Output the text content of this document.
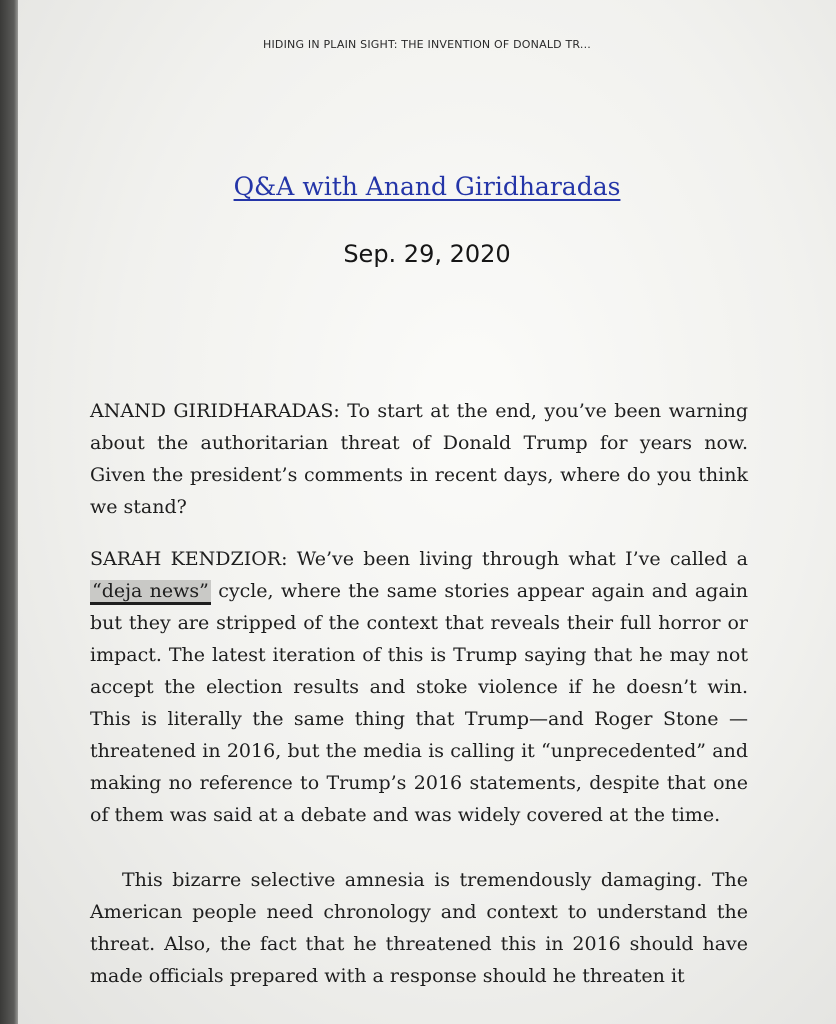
HIDING IN PLAIN SIGHT: THE INVENTION OF DONALD TR...
Q&A with Anand Giridharadas
Sep. 29, 2020

ANAND GIRIDHARADAS: To start at the end, you’ve been warning about the authoritarian threat of Donald Trump for years now. Given the president’s comments in recent days, where do you think we stand?

SARAH KENDZIOR: We’ve been living through what I’ve called a “deja news” cycle, where the same stories appear again and again but they are stripped of the context that reveals their full horror or impact. The latest iteration of this is Trump saying that he may not accept the election results and stoke violence if he doesn’t win. This is literally the same thing that Trump—and Roger Stone —threatened in 2016, but the media is calling it “unprecedented” and making no reference to Trump’s 2016 statements, despite that one of them was said at a debate and was widely covered at the time.

This bizarre selective amnesia is tremendously damaging. The American people need chronology and context to understand the threat. Also, the fact that he threatened this in 2016 should have made officials prepared with a response should he threaten it
